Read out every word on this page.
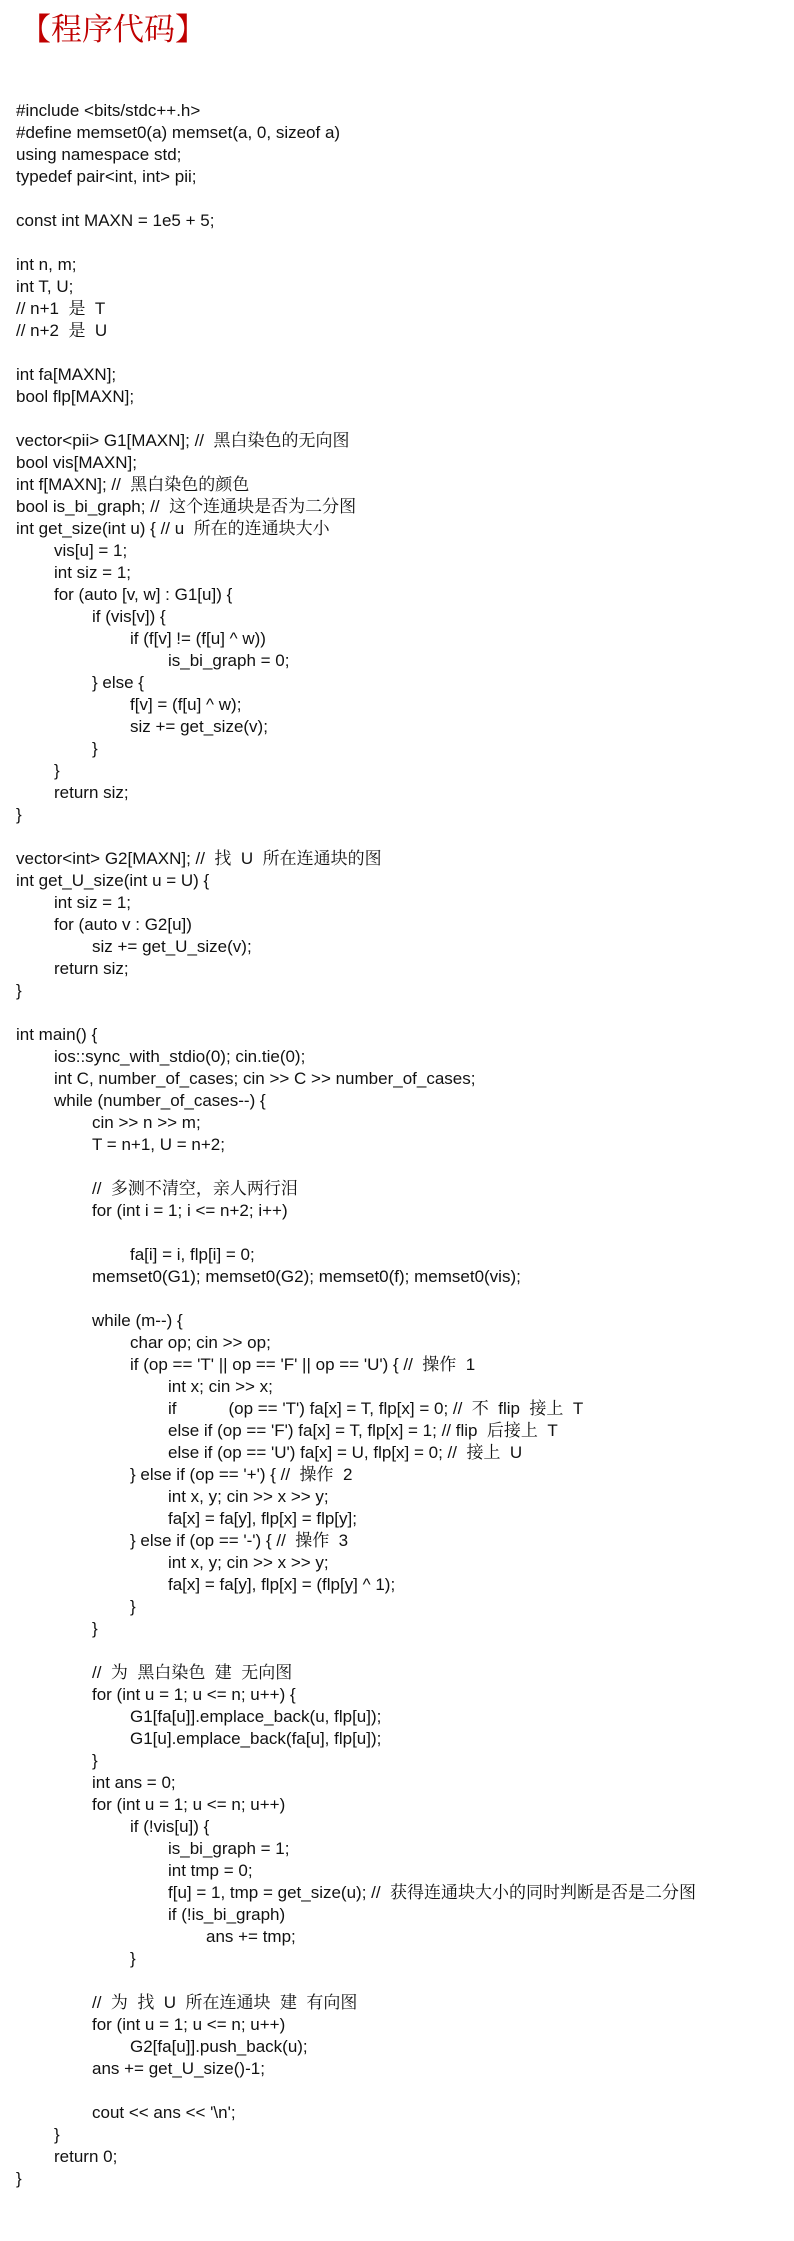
【程序代码】
#include <bits/stdc++.h>
#define memset0(a) memset(a, 0, sizeof a)
using namespace std;
typedef pair<int, int> pii;
const int MAXN = 1e5 + 5;
int n, m;
int T, U;
// n+1  是  T
// n+2  是  U
int fa[MAXN];
bool flp[MAXN];
vector<pii> G1[MAXN]; //  黑白染色的无向图
bool vis[MAXN];
int f[MAXN]; //  黑白染色的颜色
bool is_bi_graph; //  这个连通块是否为二分图
int get_size(int u) { // u  所在的连通块大小
vis[u] = 1;
int siz = 1;
for (auto [v, w] : G1[u]) {
if (vis[v]) {
if (f[v] != (f[u] ^ w))
is_bi_graph = 0;
} else {
f[v] = (f[u] ^ w);
siz += get_size(v);
}
}
return siz;
}
vector<int> G2[MAXN]; //  找  U  所在连通块的图
int get_U_size(int u = U) {
int siz = 1;
for (auto v : G2[u])
siz += get_U_size(v);
return siz;
}
int main() {
ios::sync_with_stdio(0); cin.tie(0);
int C, number_of_cases; cin >> C >> number_of_cases;
while (number_of_cases--) {
cin >> n >> m;
T = n+1, U = n+2;
//  多测不清空，亲人两行泪
for (int i = 1; i <= n+2; i++)
fa[i] = i, flp[i] = 0;
memset0(G1); memset0(G2); memset0(f); memset0(vis);
while (m--) {
char op; cin >> op;
if (op == 'T' || op == 'F' || op == 'U') { //  操作  1
int x; cin >> x;
if           (op == 'T') fa[x] = T, flp[x] = 0; //  不  flip  接上  T
else if (op == 'F') fa[x] = T, flp[x] = 1; // flip  后接上  T
else if (op == 'U') fa[x] = U, flp[x] = 0; //  接上  U
} else if (op == '+') { //  操作  2
int x, y; cin >> x >> y;
fa[x] = fa[y], flp[x] = flp[y];
} else if (op == '-') { //  操作  3
int x, y; cin >> x >> y;
fa[x] = fa[y], flp[x] = (flp[y] ^ 1);
}
}
//  为  黑白染色  建  无向图
for (int u = 1; u <= n; u++) {
G1[fa[u]].emplace_back(u, flp[u]);
G1[u].emplace_back(fa[u], flp[u]);
}
int ans = 0;
for (int u = 1; u <= n; u++)
if (!vis[u]) {
is_bi_graph = 1;
int tmp = 0;
f[u] = 1, tmp = get_size(u); //  获得连通块大小的同时判断是否是二分图
if (!is_bi_graph)
ans += tmp;
}
//  为  找  U  所在连通块  建  有向图
for (int u = 1; u <= n; u++)
G2[fa[u]].push_back(u);
ans += get_U_size()-1;
cout << ans << '\n';
}
return 0;
}
